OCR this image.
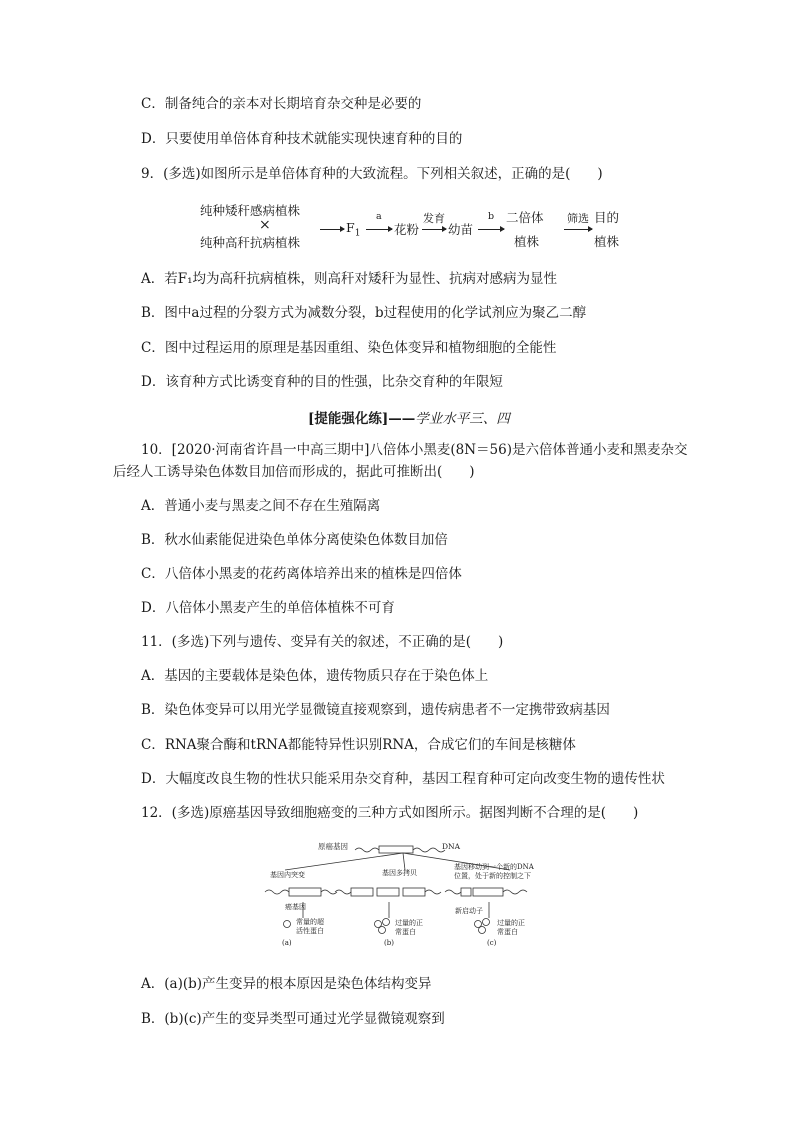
C．制备纯合的亲本对长期培育杂交种是必要的
D．只要使用单倍体育种技术就能实现快速育种的目的
9．(多选)如图所示是单倍体育种的大致流程。下列相关叙述，正确的是(　　)
纯种矮秆感病植株
×
纯种高秆抗病植株
$F_1$
a
花粉
发育
幼苗
b 二倍体
植株
筛选 目的
植株
A．若F₁均为高秆抗病植株，则高秆对矮秆为显性、抗病对感病为显性
B．图中a过程的分裂方式为减数分裂，b过程使用的化学试剂应为聚乙二醇
C．图中过程运用的原理是基因重组、染色体变异和植物细胞的全能性
D．该育种方式比诱变育种的目的性强，比杂交育种的年限短
[提能强化练]——学业水平三、四
10．[2020·河南省许昌一中高三期中]八倍体小黑麦(8N＝56)是六倍体普通小麦和黑麦杂交
后经人工诱导染色体数目加倍而形成的，据此可推断出(　　)
A．普通小麦与黑麦之间不存在生殖隔离
B．秋水仙素能促进染色单体分离使染色体数目加倍
C．八倍体小黑麦的花药离体培养出来的植株是四倍体
D．八倍体小黑麦产生的单倍体植株不可育
11．(多选)下列与遗传、变异有关的叙述，不正确的是(　　)
A．基因的主要载体是染色体，遗传物质只存在于染色体上
B．染色体变异可以用光学显微镜直接观察到，遗传病患者不一定携带致病基因
C．RNA聚合酶和tRNA都能特异性识别RNA，合成它们的车间是核糖体
D．大幅度改良生物的性状只能采用杂交育种，基因工程育种可定向改变生物的遗传性状
12．(多选)原癌基因导致细胞癌变的三种方式如图所示。据图判断不合理的是(　　)
原癌基因	DNA
基因内突变	基因多拷贝
基因移动到一个新的DNA
位置，处于新的控制之下
癌基因	新启动子
常量的超
活性蛋白
过量的正
常蛋白
过量的正
常蛋白
(a)	(b)	(c)
A．(a)(b)产生变异的根本原因是染色体结构变异
B．(b)(c)产生的变异类型可通过光学显微镜观察到
